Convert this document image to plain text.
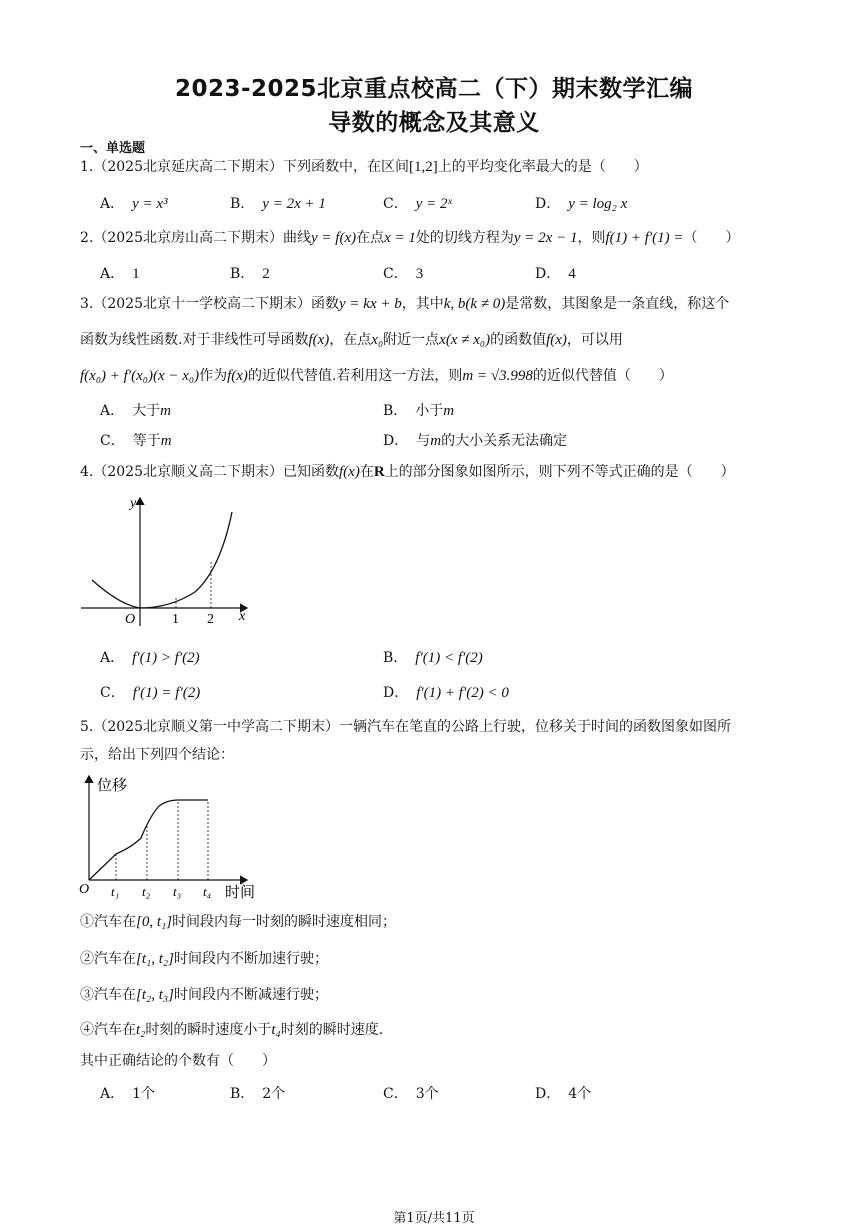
2023-2025北京重点校高二（下）期末数学汇编
导数的概念及其意义
一、单选题
1.（2025北京延庆高二下期末）下列函数中，在区间[1,2]上的平均变化率最大的是（　　）
A． y = x³	B． y = 2x + 1	C． y = 2ˣ	D． y = log₂ x
2.（2025北京房山高二下期末）曲线y = f(x)在点x = 1处的切线方程为y = 2x − 1，则f(1) + f′(1) =（　　）
A． 1	B． 2	C． 3	D． 4
3.（2025北京十一学校高二下期末）函数y = kx + b，其中k, b(k ≠ 0)是常数，其图象是一条直线，称这个
函数为线性函数.对于非线性可导函数f(x)，在点x₀附近一点x(x ≠ x₀)的函数值f(x)，可以用
f(x₀) + f′(x₀)(x − x₀)作为f(x)的近似代替值.若利用这一方法，则m = √3.998的近似代替值（　　）
A． 大于m	B． 小于m
C． 等于m	D． 与m的大小关系无法确定
4.（2025北京顺义高二下期末）已知函数f(x)在R上的部分图象如图所示，则下列不等式正确的是（　　）
y
x
O	1 2
A． f′(1) > f′(2)	B． f′(1) < f′(2)
C． f′(1) = f′(2)	D． f′(1) + f′(2) < 0
5.（2025北京顺义第一中学高二下期末）一辆汽车在笔直的公路上行驶，位移关于时间的函数图象如图所
示，给出下列四个结论：
位移
时间
O t₁ t₂ t₃ t₄
①汽车在[0, t₁]时间段内每一时刻的瞬时速度相同；
②汽车在[t₁, t₂]时间段内不断加速行驶；
③汽车在[t₂, t₃]时间段内不断减速行驶；
④汽车在t₂时刻的瞬时速度小于t₄时刻的瞬时速度.
其中正确结论的个数有（　　）
A． 1个	B． 2个	C． 3个	D． 4个
第1页/共11页
